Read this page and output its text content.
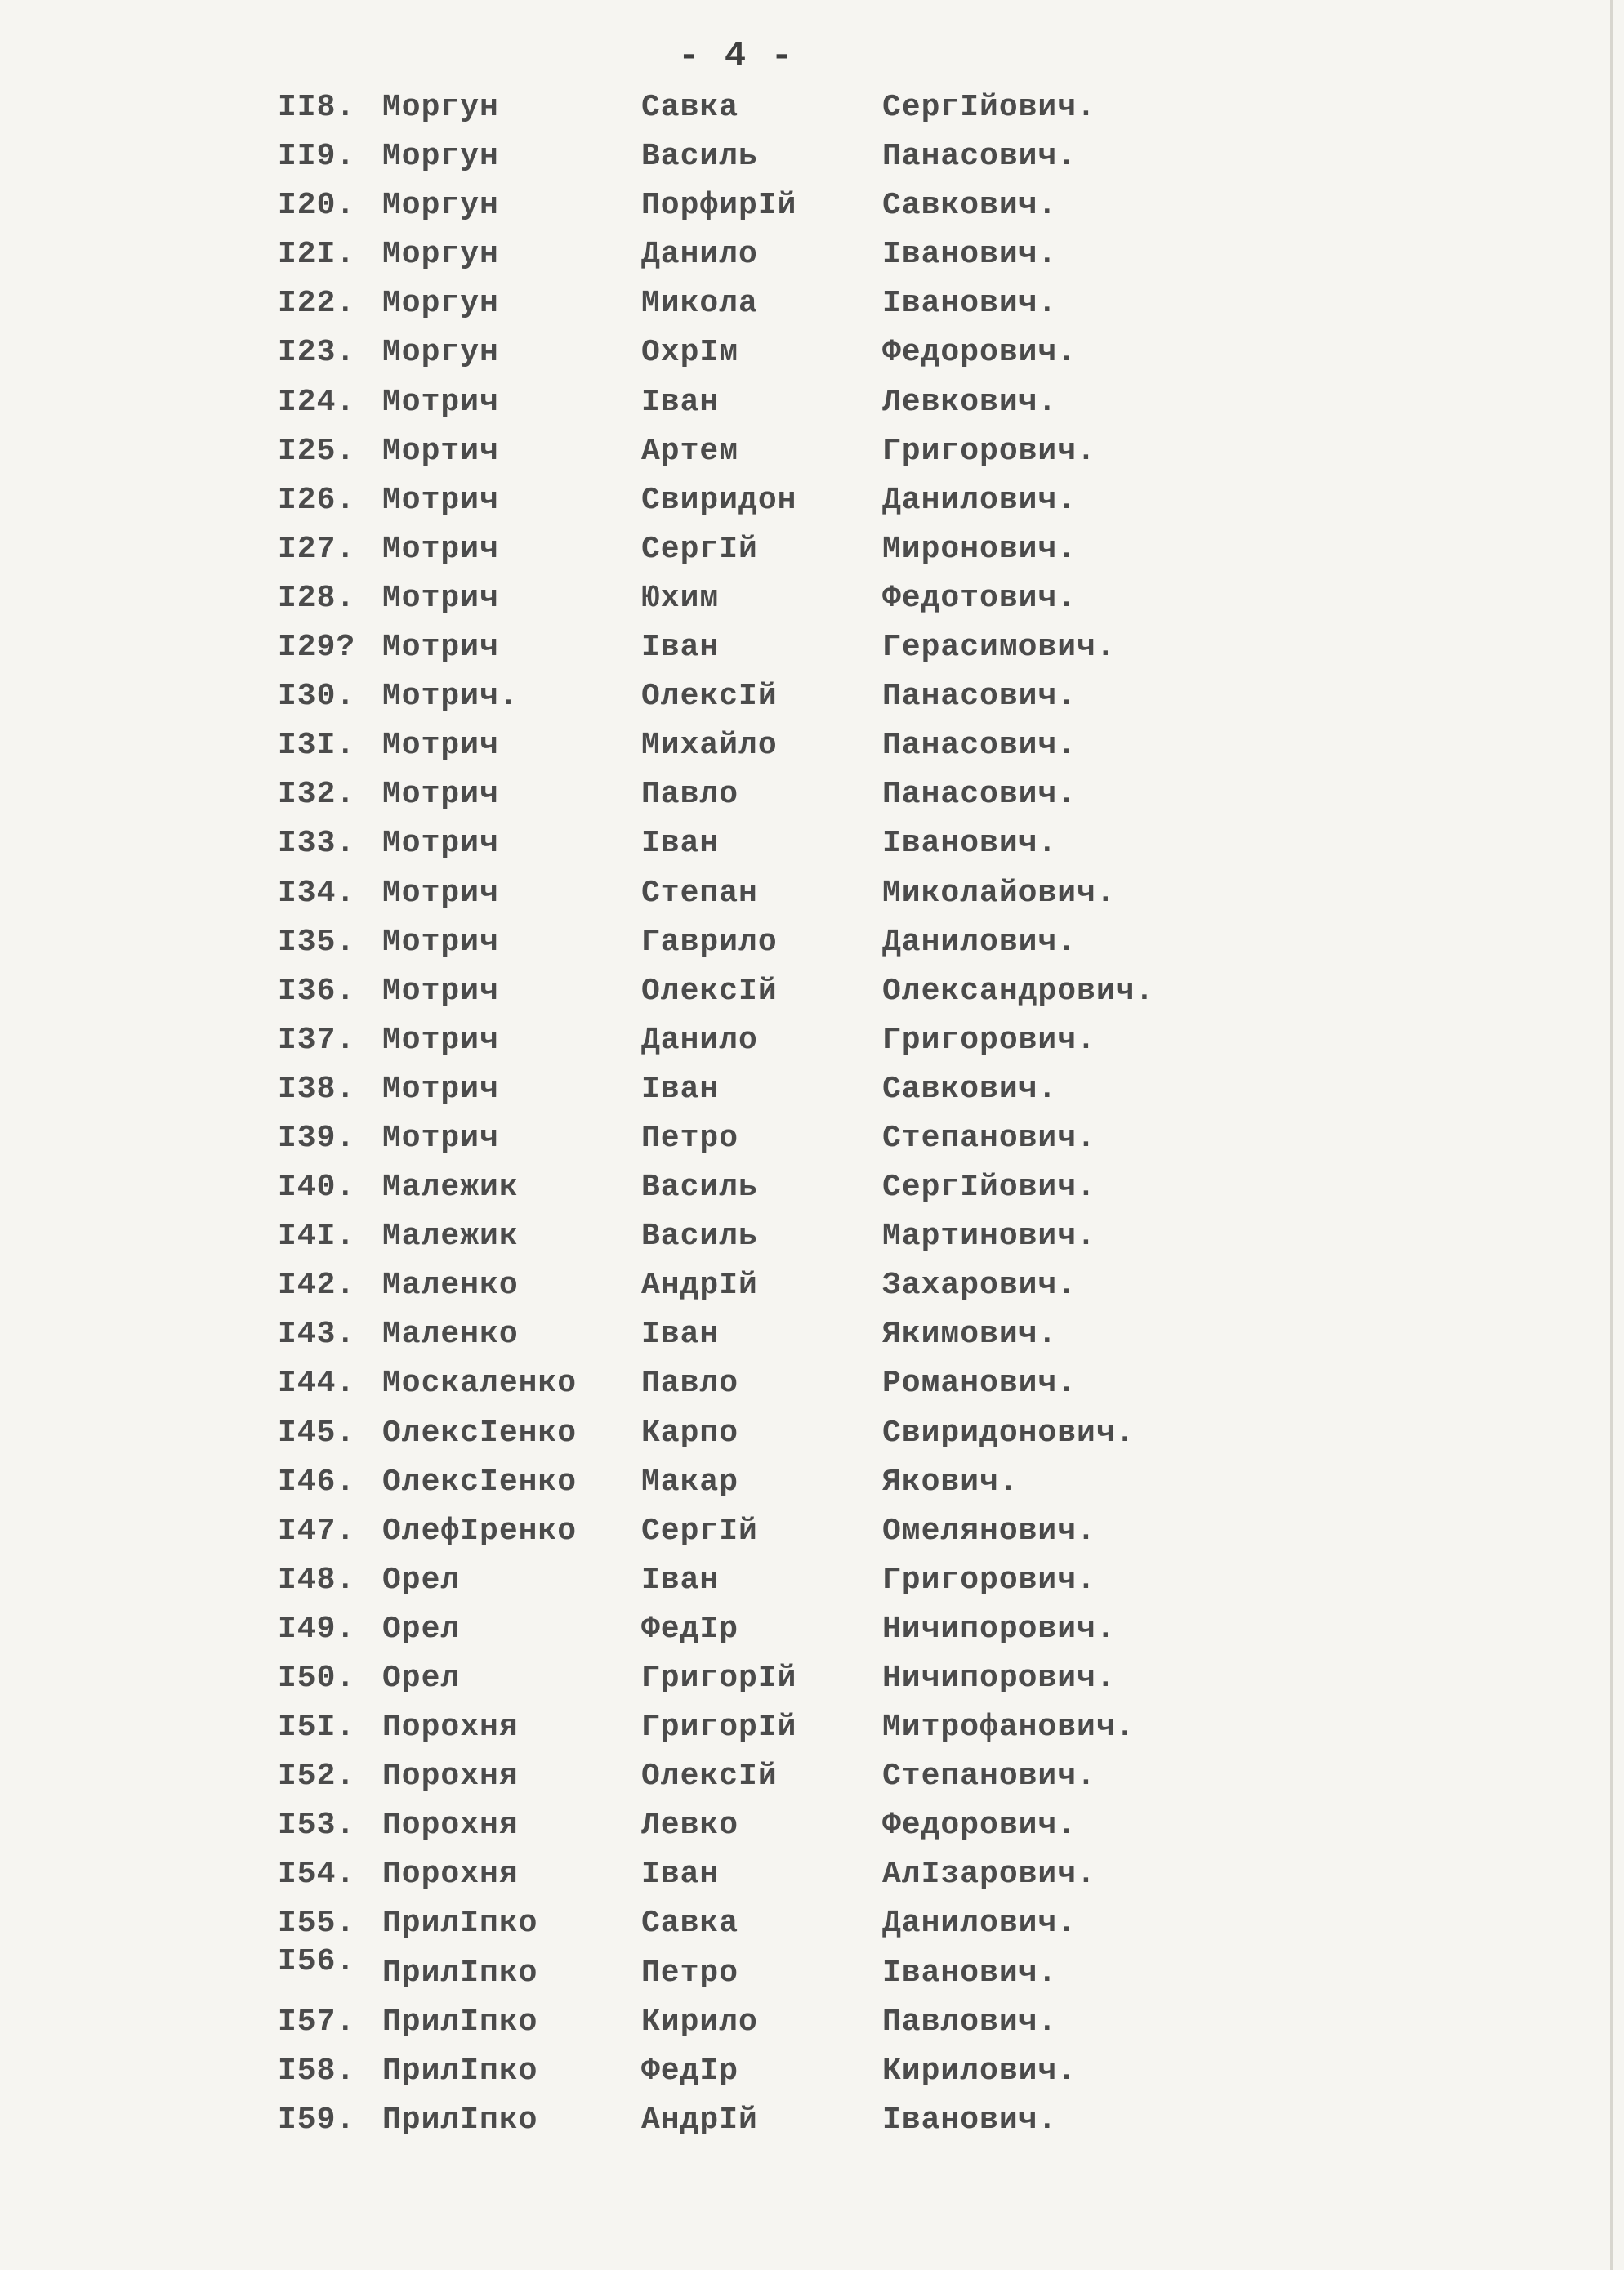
- 4 -
II8. Моргун	Савка	СергІйович.
II9. Моргун	Василь	Панасович.
I20. Моргун	ПорфирІй	Савкович.
I2I. Моргун	Данило	Іванович.
I22. Моргун	Микола	Іванович.
I23. Моргун	ОхрІм	Федорович.
I24. Мотрич	Іван	Левкович.
I25. Мортич	Артем	Григорович.
I26. Мотрич	Свиридон	Данилович.
I27. Мотрич	СергІй	Миронович.
I28. Мотрич	Юхим	Федотович.
I29? Мотрич	Іван	Герасимович.
I30. Мотрич.	ОлексІй	Панасович.
I3I. Мотрич	Михайло	Панасович.
I32. Мотрич	Павло	Панасович.
I33. Мотрич	Іван	Іванович.
I34. Мотрич	Степан	Миколайович.
I35. Мотрич	Гаврило	Данилович.
I36. Мотрич	ОлексІй	Олександрович.
I37. Мотрич	Данило	Григорович.
I38. Мотрич	Іван	Савкович.
I39. Мотрич	Петро	Степанович.
I40. Малежик	Василь	СергІйович.
I4I. Малежик	Василь	Мартинович.
I42. Маленко	АндрІй	Захарович.
I43. Маленко	Іван	Якимович.
I44. Москаленко Павло	Романович.
I45. ОлексІенко Карпо	Свиридонович.
I46. ОлексІенко Макар	Якович.
I47. ОлефІренко СергІй	Омелянович.
I48. Орел	Іван	Григорович.
I49. Орел	ФедІр	Ничипорович.
I50. Орел	ГригорІй	Ничипорович.
I5I. Порохня	ГригорІй	Митрофанович.
I52. Порохня	ОлексІй	Степанович.
I53. Порохня	Левко	Федорович.
I54. Порохня	Іван	АлІзарович.
I55. ПрилІпко	Савка	Данилович.
I56. ПрилІпко	Петро	Іванович.
I57. ПрилІпко	Кирило	Павлович.
I58. ПрилІпко	ФедІр	Кирилович.
I59. ПрилІпко	АндрІй	Іванович.
